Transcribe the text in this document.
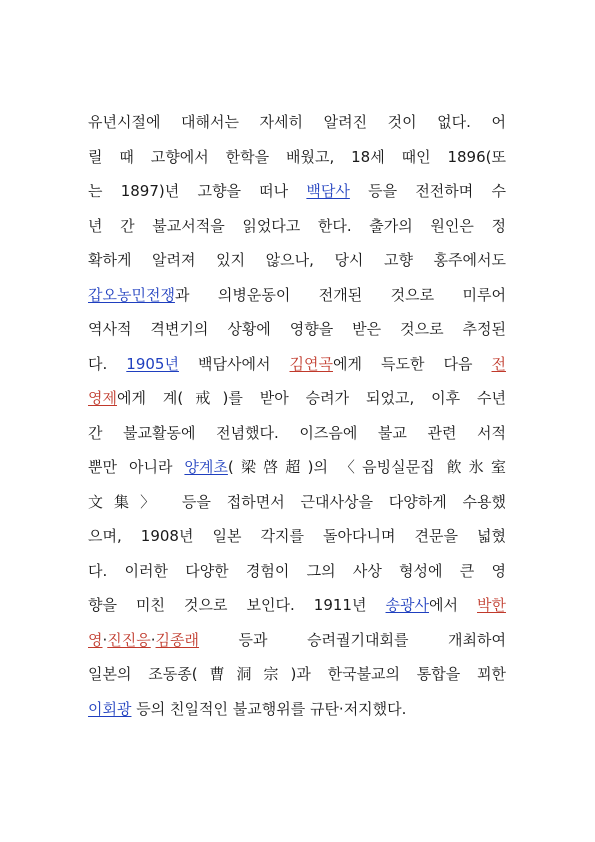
유년시절에 대해서는 자세히 알려진 것이 없다. 어
릴 때 고향에서 한학을 배웠고, 18세 때인 1896(또
는 1897)년 고향을 떠나 백담사 등을 전전하며 수
년 간 불교서적을 읽었다고 한다. 출가의 원인은 정
확하게 알려져 있지 않으나, 당시 고향 홍주에서도
갑오농민전쟁과 의병운동이 전개된 것으로 미루어
역사적 격변기의 상황에 영향을 받은 것으로 추정된
다. 1905년 백담사에서 김연곡에게 득도한 다음 전
영제에게 계(戒)를 받아 승려가 되었고, 이후 수년
간 불교활동에 전념했다. 이즈음에 불교 관련 서적
뿐만 아니라 양계초(梁啓超)의 〈음빙실문집 飮氷室
文集〉 등을 접하면서 근대사상을 다양하게 수용했
으며, 1908년 일본 각지를 돌아다니며 견문을 넓혔
다. 이러한 다양한 경험이 그의 사상 형성에 큰 영
향을 미친 것으로 보인다. 1911년 송광사에서 박한
영·진진응·김종래 등과 승려궐기대회를 개최하여
일본의 조동종(曹洞宗)과 한국불교의 통합을 꾀한
이회광 등의 친일적인 불교행위를 규탄·저지했다.
